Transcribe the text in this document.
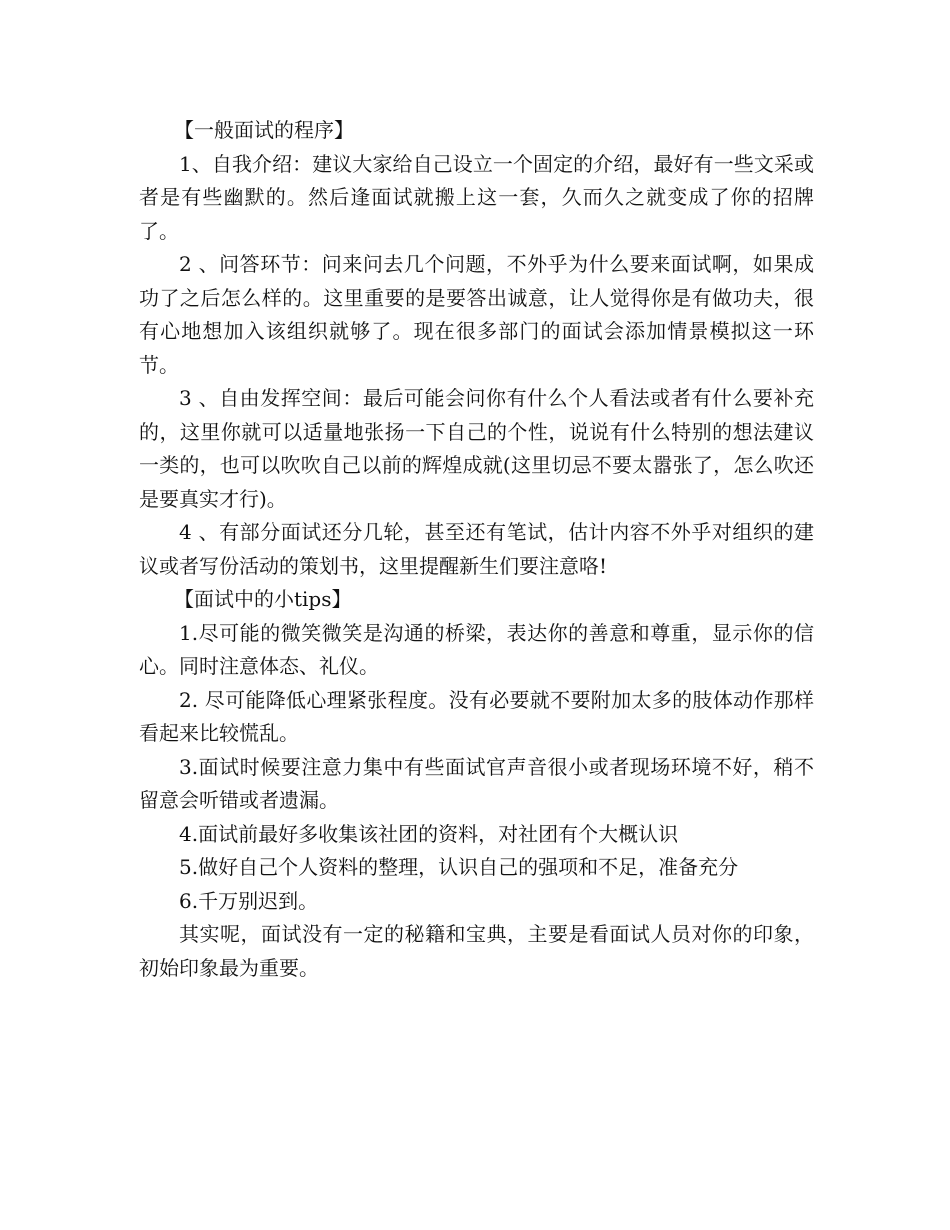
【一般面试的程序】

1、自我介绍：建议大家给自己设立一个固定的介绍，最好有一些文采或者是有些幽默的。然后逢面试就搬上这一套，久而久之就变成了你的招牌了。

2 、问答环节：问来问去几个问题，不外乎为什么要来面试啊，如果成功了之后怎么样的。这里重要的是要答出诚意，让人觉得你是有做功夫，很有心地想加入该组织就够了。现在很多部门的面试会添加情景模拟这一环节。

3 、自由发挥空间：最后可能会问你有什么个人看法或者有什么要补充的，这里你就可以适量地张扬一下自己的个性，说说有什么特别的想法建议一类的，也可以吹吹自己以前的辉煌成就(这里切忌不要太嚣张了，怎么吹还是要真实才行)。

4 、有部分面试还分几轮，甚至还有笔试，估计内容不外乎对组织的建议或者写份活动的策划书，这里提醒新生们要注意咯!

【面试中的小tips】

1.尽可能的微笑微笑是沟通的桥梁，表达你的善意和尊重，显示你的信心。同时注意体态、礼仪。

2. 尽可能降低心理紧张程度。没有必要就不要附加太多的肢体动作那样看起来比较慌乱。

3.面试时候要注意力集中有些面试官声音很小或者现场环境不好，稍不留意会听错或者遗漏。

4.面试前最好多收集该社团的资料，对社团有个大概认识

5.做好自己个人资料的整理，认识自己的强项和不足，准备充分

6.千万别迟到。

其实呢，面试没有一定的秘籍和宝典，主要是看面试人员对你的印象，初始印象最为重要。
